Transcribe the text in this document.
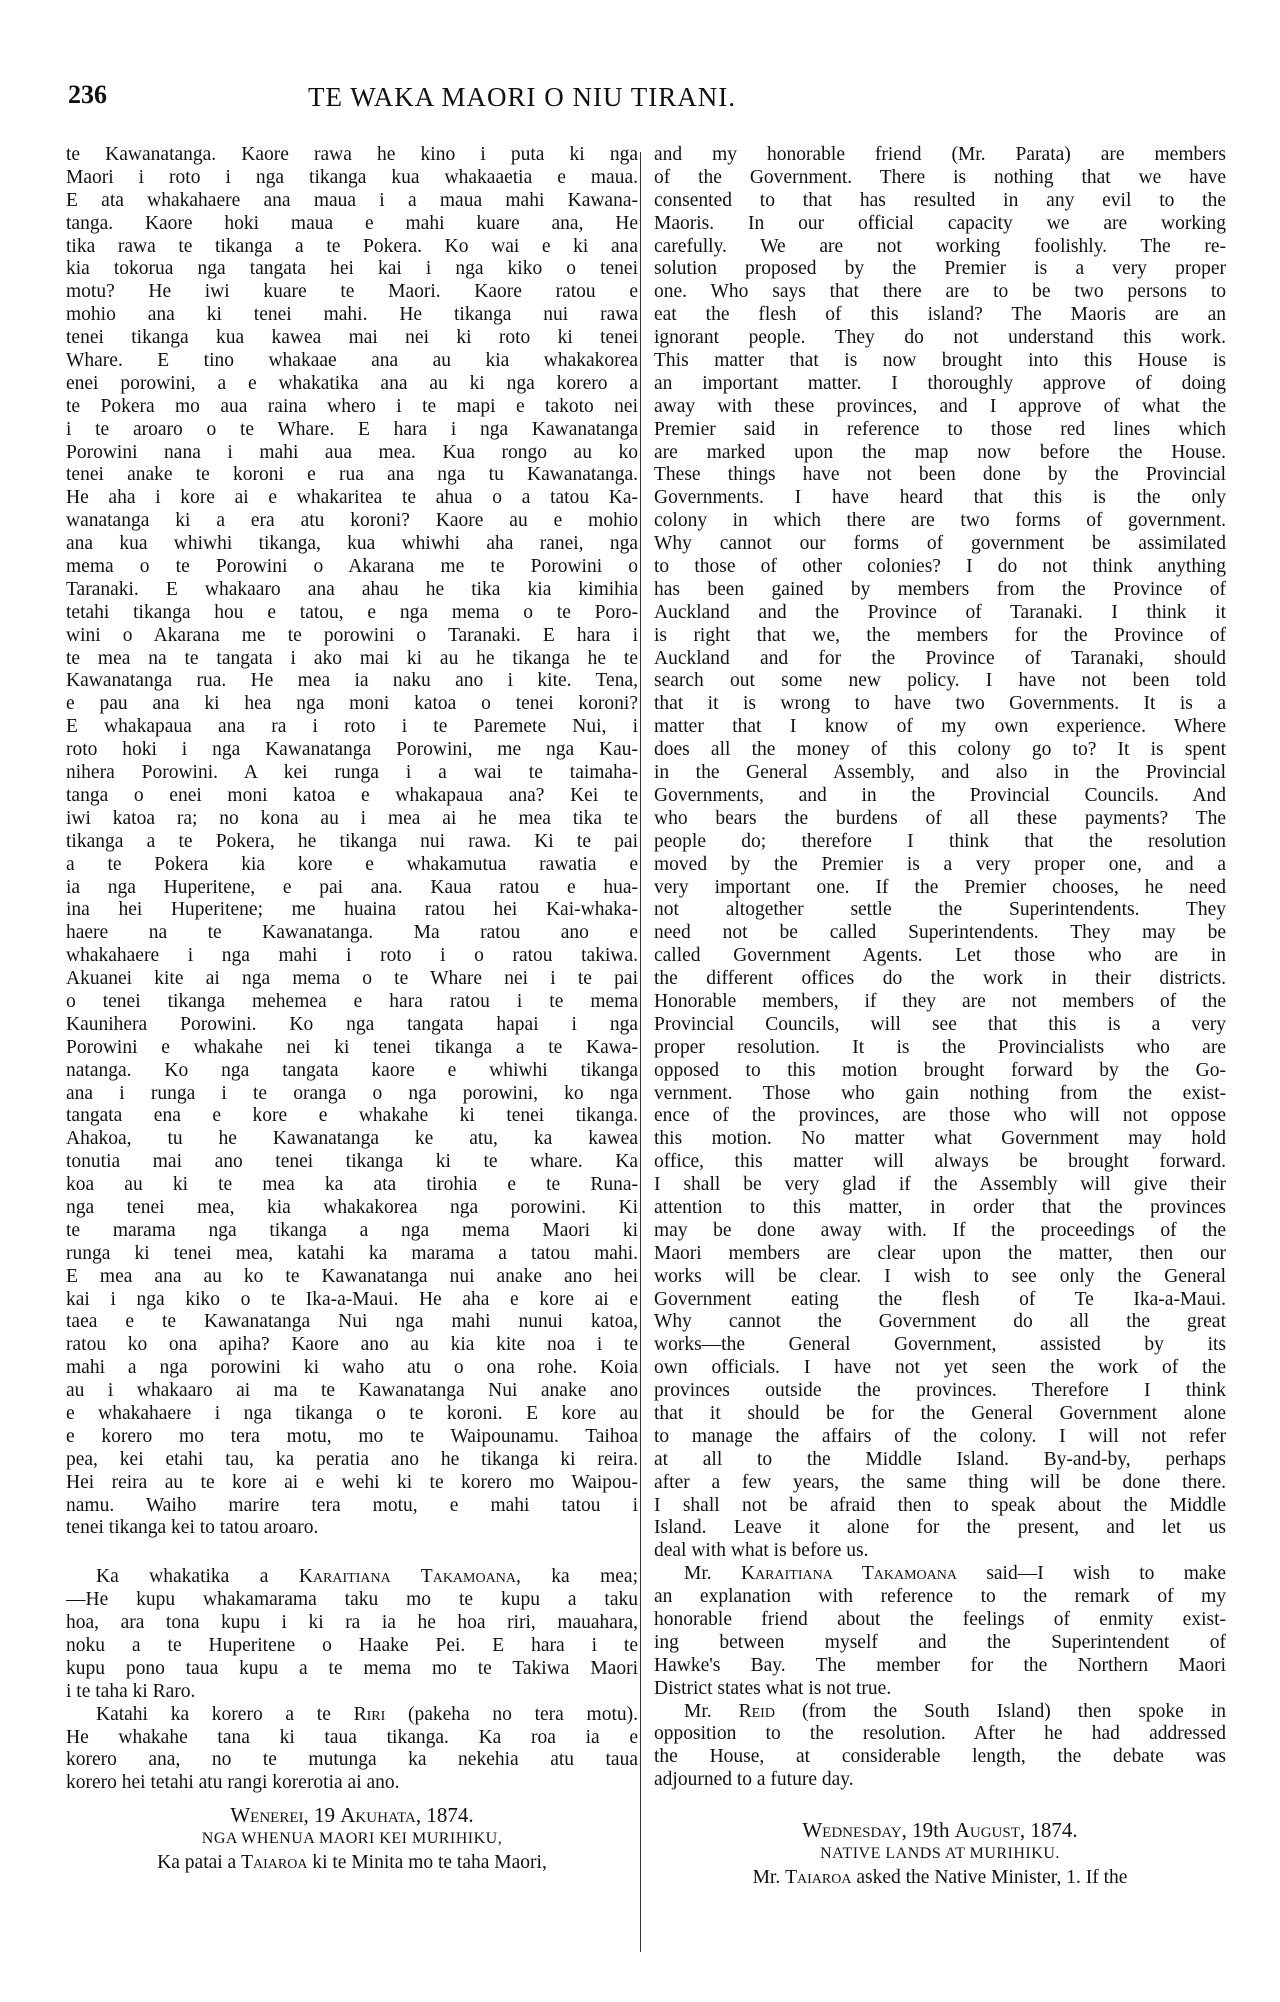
236	TE WAKA MAORI O NIU TIRANI.
te Kawanatanga. Kaore rawa he kino i puta ki nga
Maori i roto i nga tikanga kua whakaaetia e maua.
E ata whakahaere ana maua i a maua mahi Kawana-
tanga. Kaore hoki maua e mahi kuare ana, He
tika rawa te tikanga a te Pokera. Ko wai e ki ana
kia tokorua nga tangata hei kai i nga kiko o tenei
motu? He iwi kuare te Maori. Kaore ratou e
mohio ana ki tenei mahi. He tikanga nui rawa
tenei tikanga kua kawea mai nei ki roto ki tenei
Whare. E tino whakaae ana au kia whakakorea
enei porowini, a e whakatika ana au ki nga korero a
te Pokera mo aua raina whero i te mapi e takoto nei
i te aroaro o te Whare. E hara i nga Kawanatanga
Porowini nana i mahi aua mea. Kua rongo au ko
tenei anake te koroni e rua ana nga tu Kawanatanga.
He aha i kore ai e whakaritea te ahua o a tatou Ka-
wanatanga ki a era atu koroni? Kaore au e mohio
ana kua whiwhi tikanga, kua whiwhi aha ranei, nga
mema o te Porowini o Akarana me te Porowini o
Taranaki. E whakaaro ana ahau he tika kia kimihia
tetahi tikanga hou e tatou, e nga mema o te Poro-
wini o Akarana me te porowini o Taranaki. E hara i
te mea na te tangata i ako mai ki au he tikanga he te
Kawanatanga rua. He mea ia naku ano i kite. Tena,
e pau ana ki hea nga moni katoa o tenei koroni?
E whakapaua ana ra i roto i te Paremete Nui, i
roto hoki i nga Kawanatanga Porowini, me nga Kau-
nihera Porowini. A kei runga i a wai te taimaha-
tanga o enei moni katoa e whakapaua ana? Kei te
iwi katoa ra; no kona au i mea ai he mea tika te
tikanga a te Pokera, he tikanga nui rawa. Ki te pai
a te Pokera kia kore e whakamutua rawatia e
ia nga Huperitene, e pai ana. Kaua ratou e hua-
ina hei Huperitene; me huaina ratou hei Kai-whaka-
haere na te Kawanatanga. Ma ratou ano e
whakahaere i nga mahi i roto i o ratou takiwa.
Akuanei kite ai nga mema o te Whare nei i te pai
o tenei tikanga mehemea e hara ratou i te mema
Kaunihera Porowini. Ko nga tangata hapai i nga
Porowini e whakahe nei ki tenei tikanga a te Kawa-
natanga. Ko nga tangata kaore e whiwhi tikanga
ana i runga i te oranga o nga porowini, ko nga
tangata ena e kore e whakahe ki tenei tikanga.
Ahakoa, tu he Kawanatanga ke atu, ka kawea
tonutia mai ano tenei tikanga ki te whare. Ka
koa au ki te mea ka ata tirohia e te Runa-
nga tenei mea, kia whakakorea nga porowini. Ki
te marama nga tikanga a nga mema Maori ki
runga ki tenei mea, katahi ka marama a tatou mahi.
E mea ana au ko te Kawanatanga nui anake ano hei
kai i nga kiko o te Ika-a-Maui. He aha e kore ai e
taea e te Kawanatanga Nui nga mahi nunui katoa,
ratou ko ona apiha? Kaore ano au kia kite noa i te
mahi a nga porowini ki waho atu o ona rohe. Koia
au i whakaaro ai ma te Kawanatanga Nui anake ano
e whakahaere i nga tikanga o te koroni. E kore au
e korero mo tera motu, mo te Waipounamu. Taihoa
pea, kei etahi tau, ka peratia ano he tikanga ki reira.
Hei reira au te kore ai e wehi ki te korero mo Waipou-
namu. Waiho marire tera motu, e mahi tatou i
tenei tikanga kei to tatou aroaro.
Ka whakatika a Karaitiana Takamoana, ka mea;
—He kupu whakamarama taku mo te kupu a taku
hoa, ara tona kupu i ki ra ia he hoa riri, mauahara,
noku a te Huperitene o Haake Pei. E hara i te
kupu pono taua kupu a te mema mo te Takiwa Maori
i te taha ki Raro.
Katahi ka korero a te Riri (pakeha no tera motu).
He whakahe tana ki taua tikanga. Ka roa ia e
korero ana, no te mutunga ka nekehia atu taua
korero hei tetahi atu rangi korerotia ai ano.
Wenerei, 19 Akuhata, 1874.
NGA WHENUA MAORI KEI MURIHIKU,
Ka patai a Taiaroa ki te Minita mo te taha Maori,
and my honorable friend (Mr. Parata) are members
of the Government. There is nothing that we have
consented to that has resulted in any evil to the
Maoris. In our official capacity we are working
carefully. We are not working foolishly. The re-
solution proposed by the Premier is a very proper
one. Who says that there are to be two persons to
eat the flesh of this island? The Maoris are an
ignorant people. They do not understand this work.
This matter that is now brought into this House is
an important matter. I thoroughly approve of doing
away with these provinces, and I approve of what the
Premier said in reference to those red lines which
are marked upon the map now before the House.
These things have not been done by the Provincial
Governments. I have heard that this is the only
colony in which there are two forms of government.
Why cannot our forms of government be assimilated
to those of other colonies? I do not think anything
has been gained by members from the Province of
Auckland and the Province of Taranaki. I think it
is right that we, the members for the Province of
Auckland and for the Province of Taranaki, should
search out some new policy. I have not been told
that it is wrong to have two Governments. It is a
matter that I know of my own experience. Where
does all the money of this colony go to? It is spent
in the General Assembly, and also in the Provincial
Governments, and in the Provincial Councils. And
who bears the burdens of all these payments? The
people do; therefore I think that the resolution
moved by the Premier is a very proper one, and a
very important one. If the Premier chooses, he need
not altogether settle the Superintendents. They
need not be called Superintendents. They may be
called Government Agents. Let those who are in
the different offices do the work in their districts.
Honorable members, if they are not members of the
Provincial Councils, will see that this is a very
proper resolution. It is the Provincialists who are
opposed to this motion brought forward by the Go-
vernment. Those who gain nothing from the exist-
ence of the provinces, are those who will not oppose
this motion. No matter what Government may hold
office, this matter will always be brought forward.
I shall be very glad if the Assembly will give their
attention to this matter, in order that the provinces
may be done away with. If the proceedings of the
Maori members are clear upon the matter, then our
works will be clear. I wish to see only the General
Government eating the flesh of Te Ika-a-Maui.
Why cannot the Government do all the great
works—the General Government, assisted by its
own officials. I have not yet seen the work of the
provinces outside the provinces. Therefore I think
that it should be for the General Government alone
to manage the affairs of the colony. I will not refer
at all to the Middle Island. By-and-by, perhaps
after a few years, the same thing will be done there.
I shall not be afraid then to speak about the Middle
Island. Leave it alone for the present, and let us
deal with what is before us.
Mr. Karaitiana Takamoana said—I wish to make
an explanation with reference to the remark of my
honorable friend about the feelings of enmity exist-
ing between myself and the Superintendent of
Hawke's Bay. The member for the Northern Maori
District states what is not true.
Mr. Reid (from the South Island) then spoke in
opposition to the resolution. After he had addressed
the House, at considerable length, the debate was
adjourned to a future day.
Wednesday, 19th August, 1874.
NATIVE LANDS AT MURIHIKU.
Mr. Taiaroa asked the Native Minister, 1. If the
